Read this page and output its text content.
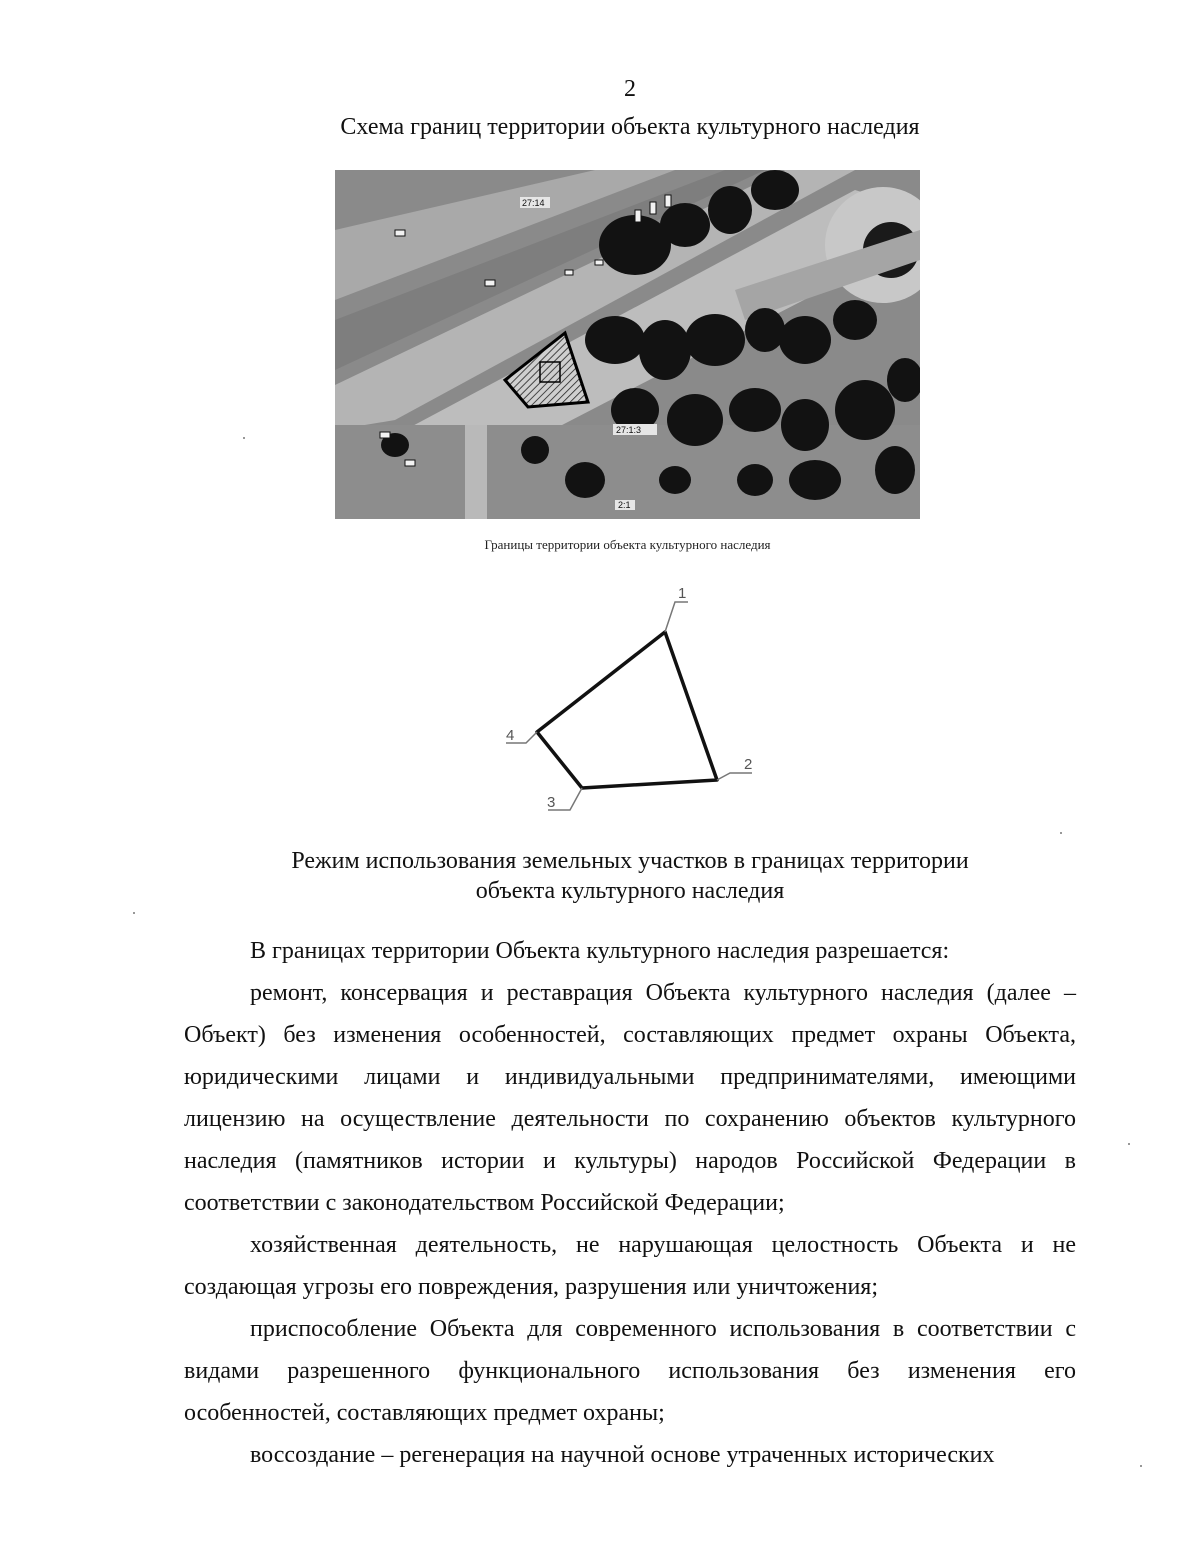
2
Схема границ территории объекта культурного наследия
27:14
27:1:3
2:1
Границы территории объекта культурного наследия
1
2
3
4
Режим использования земельных участков в границах территории
объекта культурного наследия

В границах территории Объекта культурного наследия разрешается:

ремонт, консервация и реставрация Объекта культурного наследия (далее – Объект) без изменения особенностей, составляющих предмет охраны Объекта, юридическими лицами и индивидуальными предпринимателями, имеющими лицензию на осуществление деятельности по сохранению объектов культурного наследия (памятников истории и культуры) народов Российской Федерации в соответствии с законодательством Российской Федерации;

хозяйственная деятельность, не нарушающая целостность Объекта и не создающая угрозы его повреждения, разрушения или уничтожения;

приспособление Объекта для современного использования в соответствии с видами разрешенного функционального использования без изменения его особенностей, составляющих предмет охраны;

воссоздание – регенерация на научной основе утраченных исторических
